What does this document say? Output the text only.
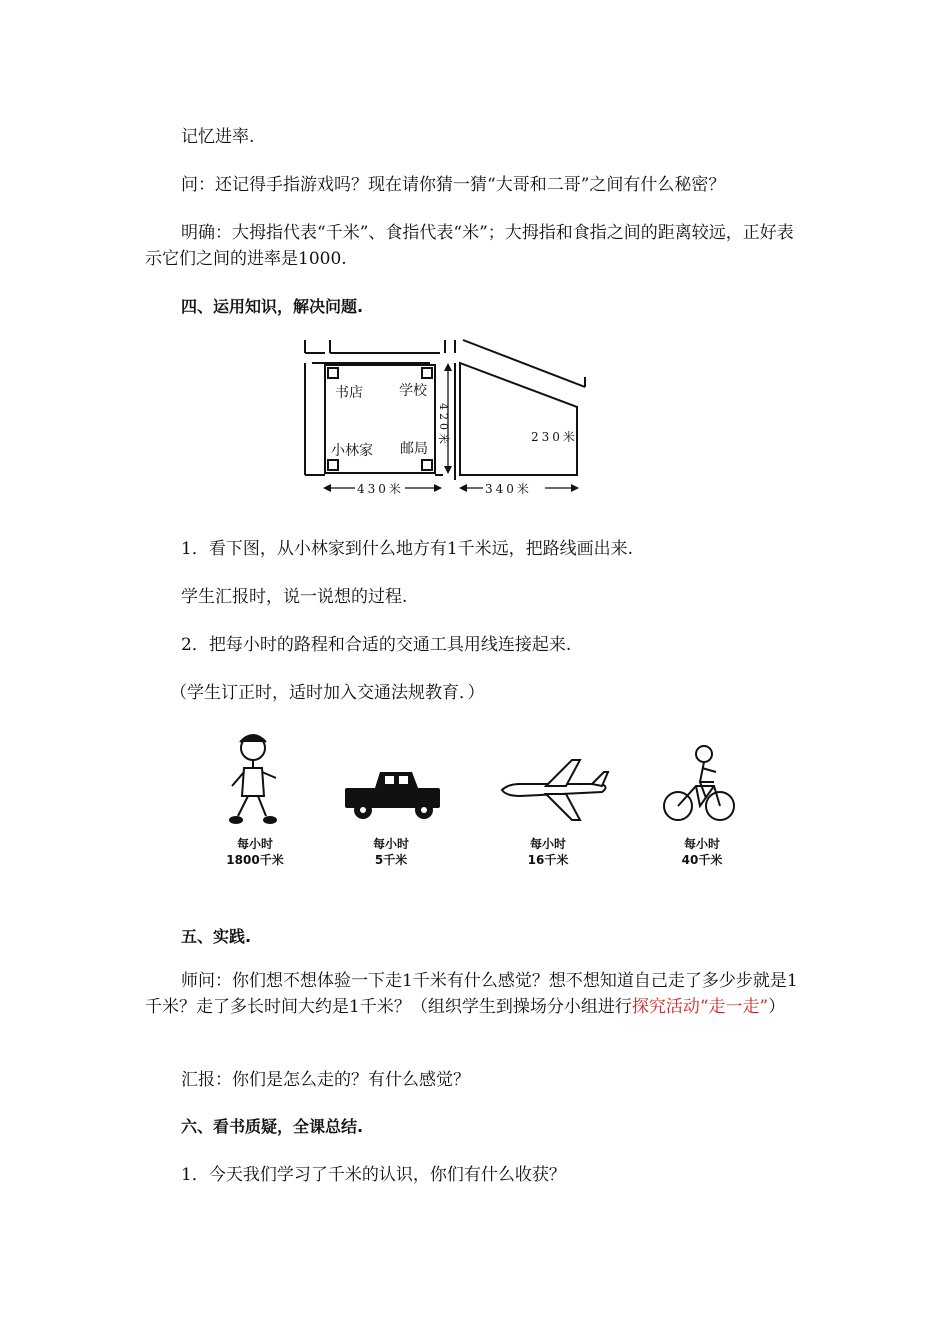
记忆进率.

问：还记得手指游戏吗？现在请你猜一猜“大哥和二哥”之间有什么秘密？

明确：大拇指代表“千米”、食指代表“米”；大拇指和食指之间的距离较远，正好表示它们之间的进率是1000.

四、运用知识，解决问题.

书店	学校
小林家 邮局
420米	230米
430米	340米

1．看下图，从小林家到什么地方有1千米远，把路线画出来.

学生汇报时，说一说想的过程.

2．把每小时的路程和合适的交通工具用线连接起来.

（学生订正时，适时加入交通法规教育．）

每小时
1800千米
每小时
5千米
每小时
16千米
每小时
40千米

五、实践.

师问：你们想不想体验一下走1千米有什么感觉？想不想知道自己走了多少步就是1千米？走了多长时间大约是1千米？（组织学生到操场分小组进行探究活动“走一走”）

汇报：你们是怎么走的？有什么感觉？

六、看书质疑，全课总结.

1．今天我们学习了千米的认识，你们有什么收获？
